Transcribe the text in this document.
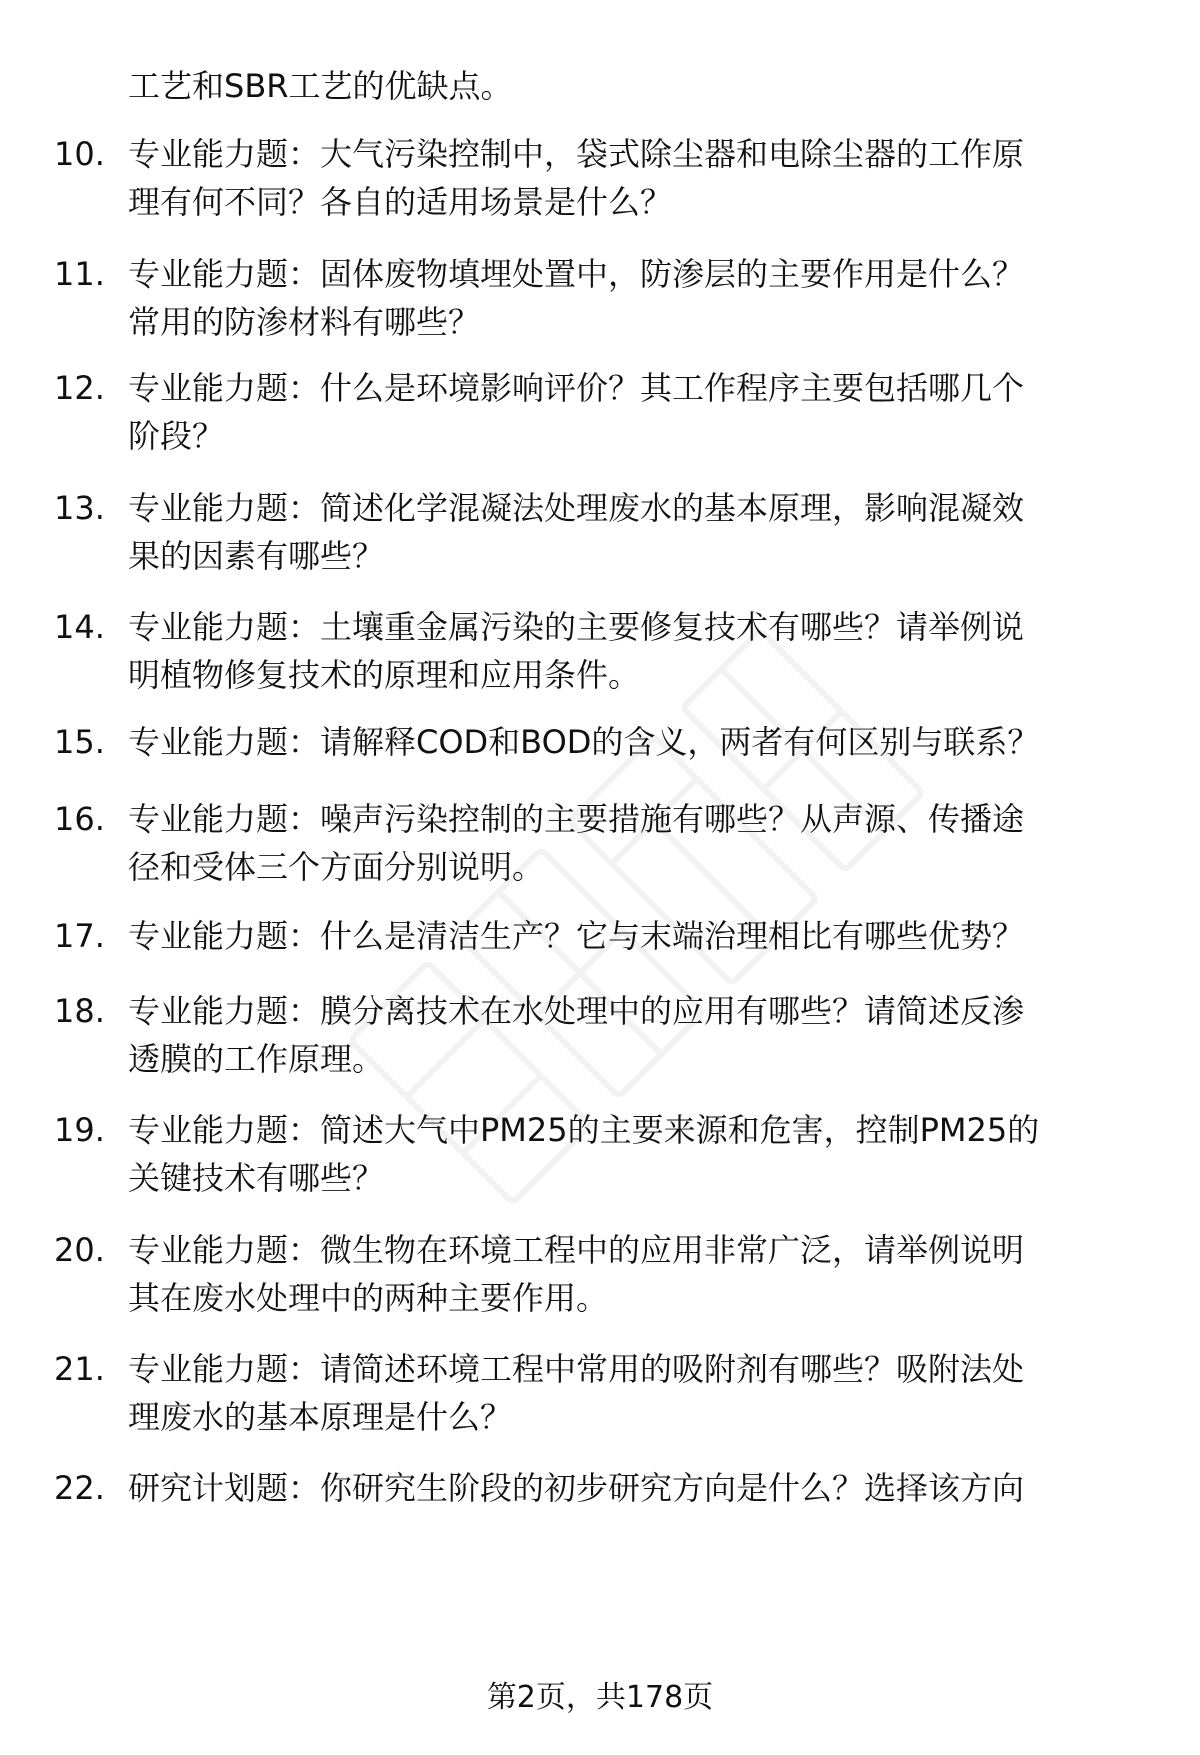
工艺和SBR工艺的优缺点。
10. 专业能力题：大气污染控制中，袋式除尘器和电除尘器的工作原
理有何不同？各自的适用场景是什么？
11. 专业能力题：固体废物填埋处置中，防渗层的主要作用是什么？
常用的防渗材料有哪些？
12. 专业能力题：什么是环境影响评价？其工作程序主要包括哪几个
阶段？
13. 专业能力题：简述化学混凝法处理废水的基本原理，影响混凝效
果的因素有哪些？
14. 专业能力题：土壤重金属污染的主要修复技术有哪些？请举例说
明植物修复技术的原理和应用条件。
15. 专业能力题：请解释COD和BOD的含义，两者有何区别与联系？
16. 专业能力题：噪声污染控制的主要措施有哪些？从声源、传播途
径和受体三个方面分别说明。
17. 专业能力题：什么是清洁生产？它与末端治理相比有哪些优势？
18. 专业能力题：膜分离技术在水处理中的应用有哪些？请简述反渗
透膜的工作原理。
19. 专业能力题：简述大气中PM25的主要来源和危害，控制PM25的
关键技术有哪些？
20. 专业能力题：微生物在环境工程中的应用非常广泛，请举例说明
其在废水处理中的两种主要作用。
21. 专业能力题：请简述环境工程中常用的吸附剂有哪些？吸附法处
理废水的基本原理是什么？
22. 研究计划题：你研究生阶段的初步研究方向是什么？选择该方向
第2页，共178页
